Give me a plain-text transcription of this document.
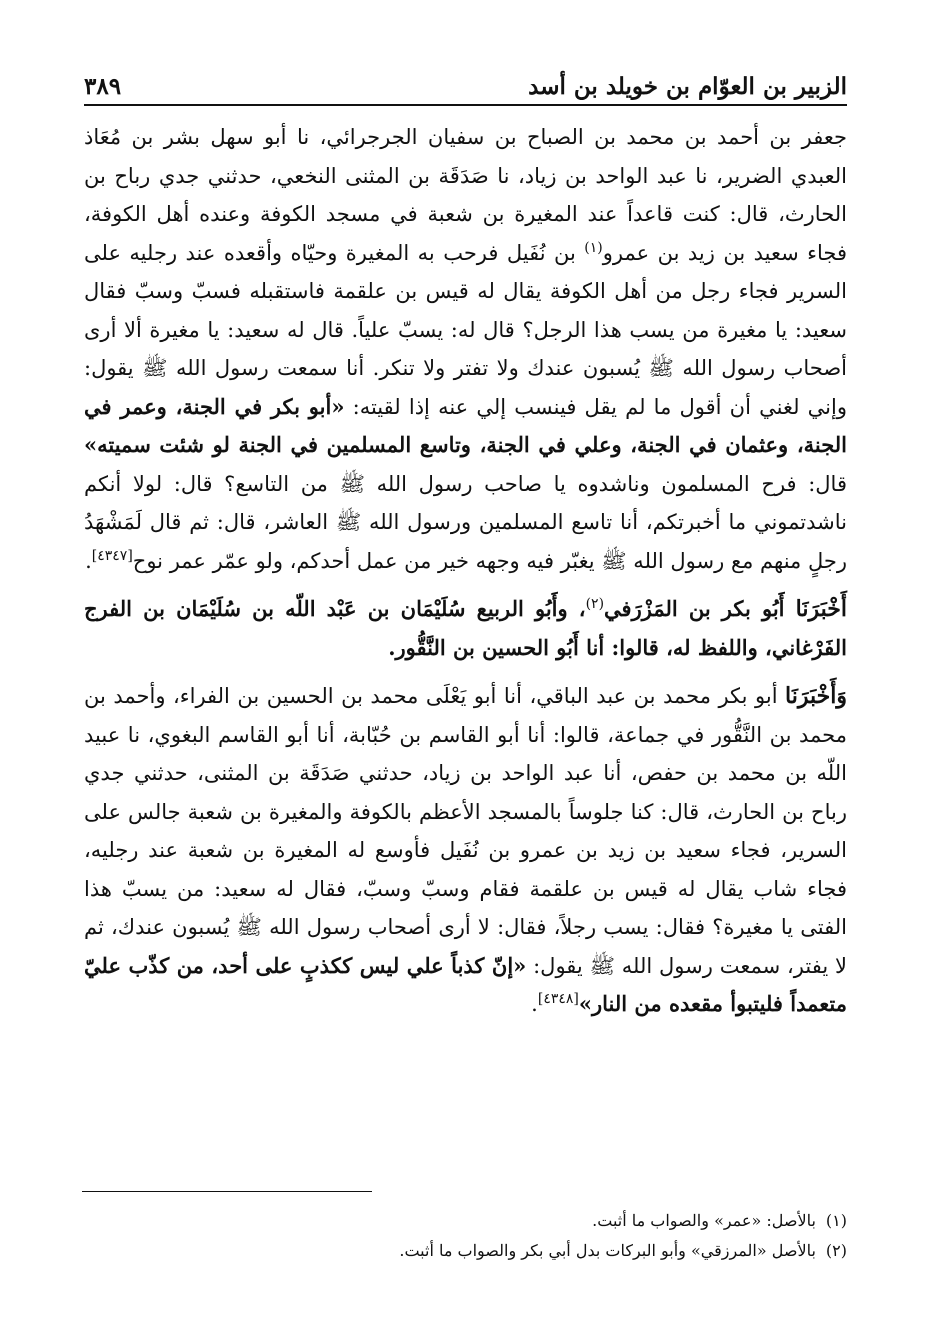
الزبير بن العوّام بن خويلد بن أسد
٣٨٩

جعفر بن أحمد بن محمد بن الصباح بن سفيان الجرجرائي، نا أبو سهل بشر بن مُعَاذ العبدي الضرير، نا عبد الواحد بن زياد، نا صَدَقَة بن المثنى النخعي، حدثني جدي رباح بن الحارث، قال: كنت قاعداً عند المغيرة بن شعبة في مسجد الكوفة وعنده أهل الكوفة، فجاء سعيد بن زيد بن عمرو$^{(١)}$ بن نُفَيل فرحب به المغيرة وحيّاه وأقعده عند رجليه على السرير فجاء رجل من أهل الكوفة يقال له قيس بن علقمة فاستقبله فسبّ وسبّ فقال سعيد: يا مغيرة من يسب هذا الرجل؟ قال له: يسبّ علياً. قال له سعيد: يا مغيرة ألا أرى أصحاب رسول الله ﷺ يُسبون عندك ولا تفتر ولا تنكر. أنا سمعت رسول الله ﷺ يقول: وإني لغني أن أقول ما لم يقل فينسب إلي عنه إذا لقيته: «أبو بكر في الجنة، وعمر في الجنة، وعثمان في الجنة، وعلي في الجنة، وتاسع المسلمين في الجنة لو شئت سميته» قال: فرح المسلمون وناشدوه يا صاحب رسول الله ﷺ من التاسع؟ قال: لولا أنكم ناشدتموني ما أخبرتكم، أنا تاسع المسلمين ورسول الله ﷺ العاشر، قال: ثم قال لَمَشْهَدُ رجلٍ منهم مع رسول الله ﷺ يغبّر فيه وجهه خير من عمل أحدكم، ولو عمّر عمر نوح[٤٣٤٧].

أَخْبَرَنَا أَبُو بكر بن المَزْرَفي$^{(٢)}$، وأَبُو الربيع سُلَيْمَان بن عَبْد اللّه بن سُلَيْمَان بن الفرج الفَرْغاني، واللفظ له، قالوا: أنا أَبُو الحسين بن النَّقُّور.

وَأَخْبَرَنَا أبو بكر محمد بن عبد الباقي، أنا أبو يَعْلَى محمد بن الحسين بن الفراء، وأحمد بن محمد بن النَّقُّور في جماعة، قالوا: أنا أبو القاسم بن حُبّابة، أنا أبو القاسم البغوي، نا عبيد اللّه بن محمد بن حفص، أنا عبد الواحد بن زياد، حدثني صَدَقَة بن المثنى، حدثني جدي رباح بن الحارث، قال: كنا جلوساً بالمسجد الأعظم بالكوفة والمغيرة بن شعبة جالس على السرير، فجاء سعيد بن زيد بن عمرو بن نُفَيل فأوسع له المغيرة بن شعبة عند رجليه، فجاء شاب يقال له قيس بن علقمة فقام وسبّ وسبّ، فقال له سعيد: من يسبّ هذا الفتى يا مغيرة؟ فقال: يسب رجلاً، فقال: لا أرى أصحاب رسول الله ﷺ يُسبون عندك، ثم لا يفتر، سمعت رسول الله ﷺ يقول: «إنّ كذباً علي ليس ككذبٍ على أحد، من كذّب عليّ متعمداً فليتبوأ مقعده من النار»[٤٣٤٨].

(١)بالأصل: «عمر» والصواب ما أثبت.

(٢)بالأصل «المرزقي» وأبو البركات بدل أبي بكر والصواب ما أثبت.
